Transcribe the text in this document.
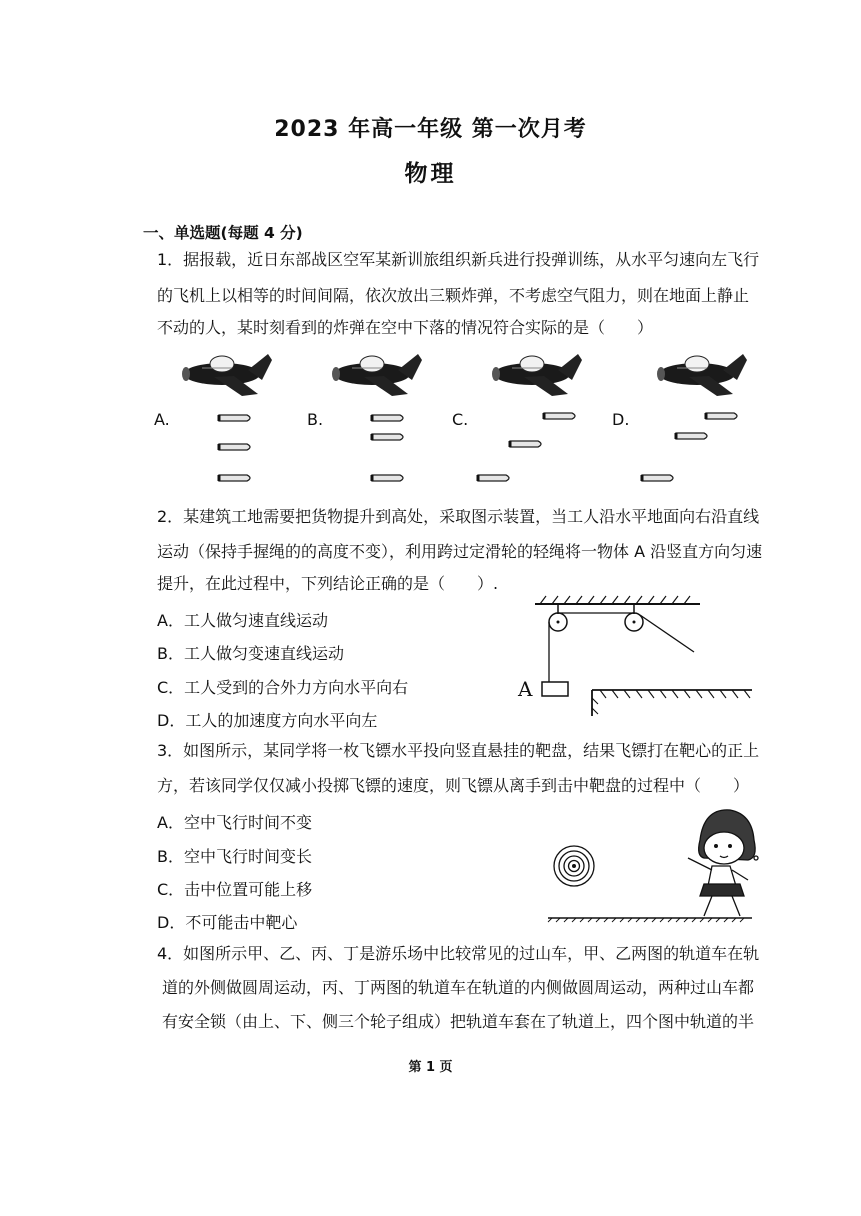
2023 年高一年级 第一次月考
物理
一、单选题(每题 4 分)
1．据报载，近日东部战区空军某新训旅组织新兵进行投弹训练，从水平匀速向左飞行
的飞机上以相等的时间间隔，依次放出三颗炸弹，不考虑空气阻力，则在地面上静止
不动的人，某时刻看到的炸弹在空中下落的情况符合实际的是（　　）
A.	B.	C.	D.
2．某建筑工地需要把货物提升到高处，采取图示装置，当工人沿水平地面向右沿直线
运动（保持手握绳的的高度不变），利用跨过定滑轮的轻绳将一物体 A 沿竖直方向匀速
提升，在此过程中，下列结论正确的是（　　）.
A．工人做匀速直线运动
B．工人做匀变速直线运动
C．工人受到的合外力方向水平向右
D．工人的加速度方向水平向左
A
3．如图所示，某同学将一枚飞镖水平投向竖直悬挂的靶盘，结果飞镖打在靶心的正上
方，若该同学仅仅减小投掷飞镖的速度，则飞镖从离手到击中靶盘的过程中（　　）
A．空中飞行时间不变
B．空中飞行时间变长
C．击中位置可能上移
D．不可能击中靶心
4．如图所示甲、乙、丙、丁是游乐场中比较常见的过山车，甲、乙两图的轨道车在轨
道的外侧做圆周运动，丙、丁两图的轨道车在轨道的内侧做圆周运动，两种过山车都
有安全锁（由上、下、侧三个轮子组成）把轨道车套在了轨道上，四个图中轨道的半
第 1 页
